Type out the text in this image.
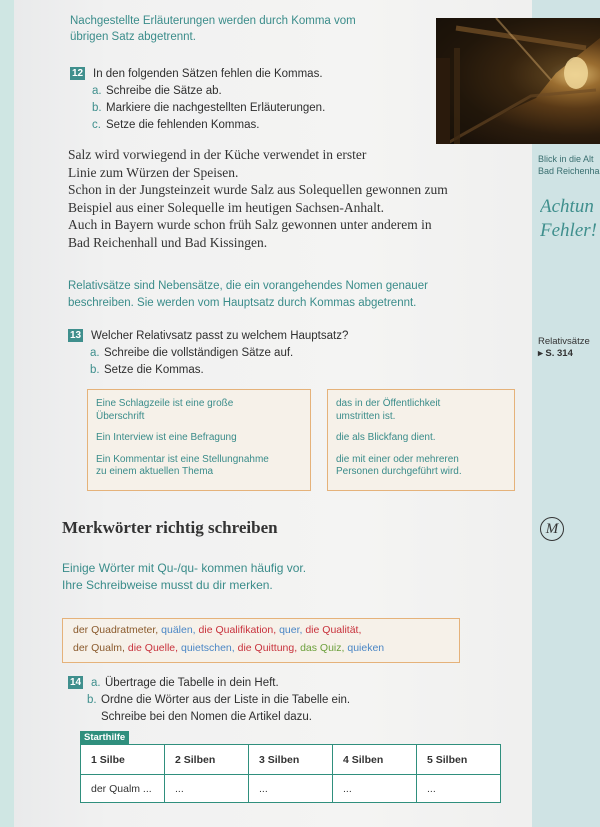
Nachgestellte Erläuterungen werden durch Komma vom
übrigen Satz abgetrennt.
12 In den folgenden Sätzen fehlen die Kommas.
a. Schreibe die Sätze ab.
b. Markiere die nachgestellten Erläuterungen.
c. Setze die fehlenden Kommas.
Salz wird vorwiegend in der Küche verwendet in erster
Linie zum Würzen der Speisen.
Schon in der Jungsteinzeit wurde Salz aus Solequellen gewonnen zum
Beispiel aus einer Solequelle im heutigen Sachsen-Anhalt.
Auch in Bayern wurde schon früh Salz gewonnen unter anderem in
Bad Reichenhall und Bad Kissingen.
Blick in die Alt
Bad Reichenha
Achtun
Fehler!
Relativsätze
▸ S. 314
Relativsätze sind Nebensätze, die ein vorangehendes Nomen genauer
beschreiben. Sie werden vom Hauptsatz durch Kommas abgetrennt.
13 Welcher Relativsatz passt zu welchem Hauptsatz?
a. Schreibe die vollständigen Sätze auf.
b. Setze die Kommas.
Eine Schlagzeile ist eine große
Überschrift
Ein Interview ist eine Befragung
Ein Kommentar ist eine Stellungnahme
zu einem aktuellen Thema
das in der Öffentlichkeit
umstritten ist.
die als Blickfang dient.
die mit einer oder mehreren
Personen durchgeführt wird.
Merkwörter richtig schreiben	M
Einige Wörter mit Qu-/qu- kommen häufig vor.
Ihre Schreibweise musst du dir merken.
der Quadratmeter, quälen, die Qualifikation, quer, die Qualität,
der Qualm, die Quelle, quietschen, die Quittung, das Quiz, quieken
14 a. Übertrage die Tabelle in dein Heft.
b. Ordne die Wörter aus der Liste in die Tabelle ein.
Schreibe bei den Nomen die Artikel dazu.
Starthilfe
1 Silbe	2 Silben	3 Silben	4 Silben	5 Silben
der Qualm ...	...	...	...	...
